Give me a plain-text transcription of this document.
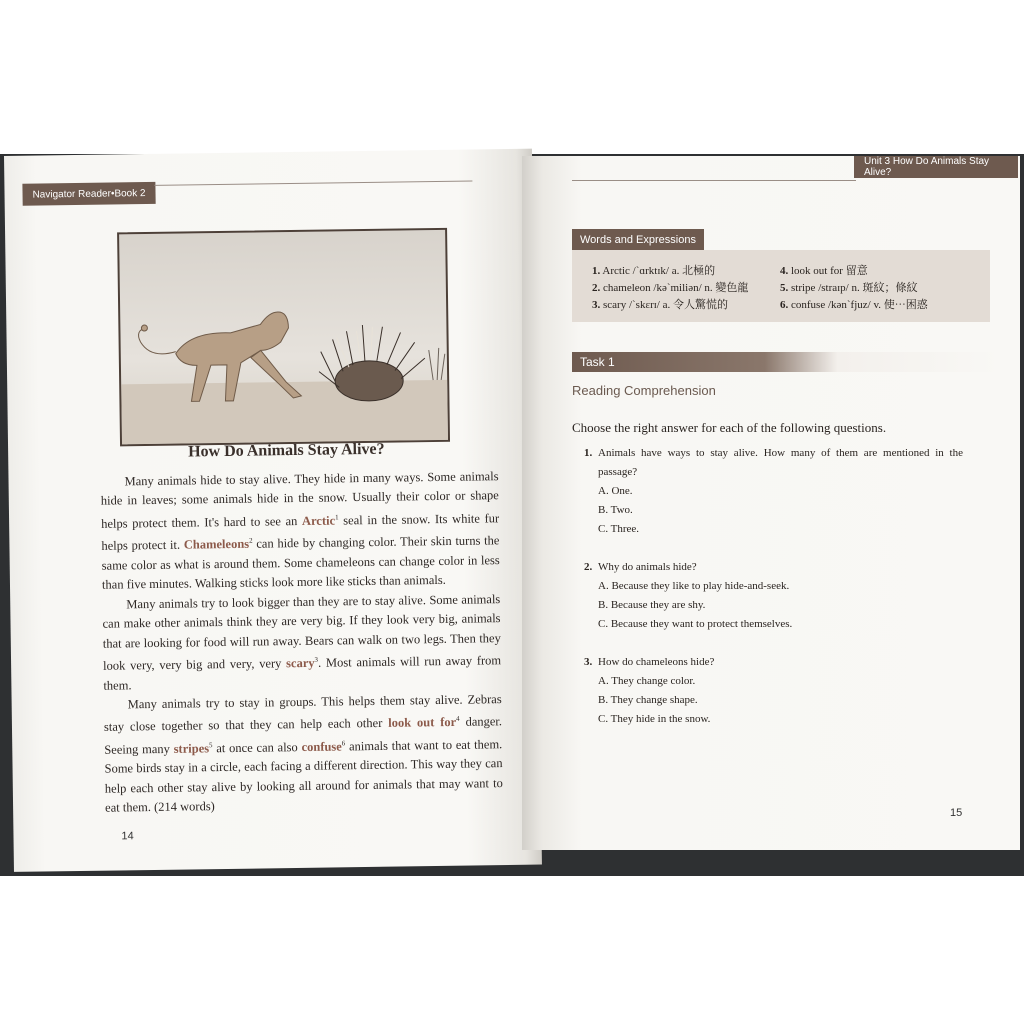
Navigator Reader•Book 2
How Do Animals Stay Alive?

Many animals hide to stay alive. They hide in many ways. Some animals hide in leaves; some animals hide in the snow. Usually their color or shape helps protect them. It's hard to see an Arctic$^1$ seal in the snow. Its white fur helps protect it. Chameleons$^2$ can hide by changing color. Their skin turns the same color as what is around them. Some chameleons can change color in less than five minutes. Walking sticks look more like sticks than animals.

Many animals try to look bigger than they are to stay alive. Some animals can make other animals think they are very big. If they look very big, animals that are looking for food will run away. Bears can walk on two legs. Then they look very, very big and very, very scary$^3$. Most animals will run away from them.

Many animals try to stay in groups. This helps them stay alive. Zebras stay close together so that they can help each other look out for$^4$ danger. Seeing many stripes$^5$ at once can also confuse$^6$ animals that want to eat them. Some birds stay in a circle, each facing a different direction. This way they can help each other stay alive by looking all around for animals that may want to eat them. (214 words)

14
Unit 3 How Do Animals Stay Alive?
Words and Expressions
1. Arctic /ˋɑrktɪk/ a. 北極的
2. chameleon /kəˋmiliən/ n. 變色龍
3. scary /ˋskɛrɪ/ a. 令人驚慌的
4. look out for 留意
5. stripe /straɪp/ n. 斑紋；條紋
6. confuse /kənˋfjuz/ v. 使⋯困惑
Task 1
Reading Comprehension
Choose the right answer for each of the following questions.
1. Animals have ways to stay alive. How many of them are mentioned in the
passage?
A. One.
B. Two.
C. Three.
2. Why do animals hide?
A. Because they like to play hide-and-seek.
B. Because they are shy.
C. Because they want to protect themselves.
3. How do chameleons hide?
A. They change color.
B. They change shape.
C. They hide in the snow.
15
